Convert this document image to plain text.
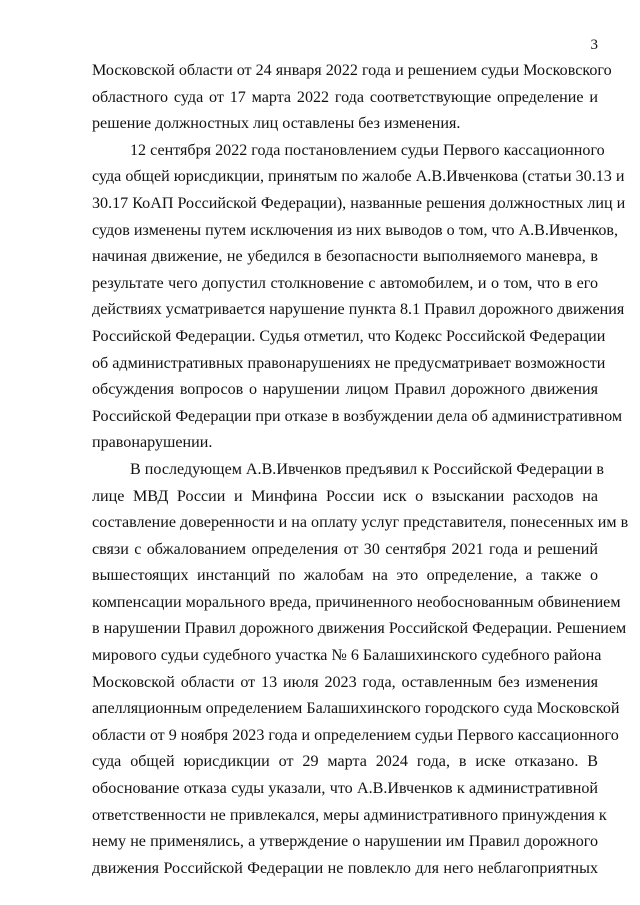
3
Московской области от 24 января 2022 года и решением судьи Московского
областного суда от 17 марта 2022 года соответствующие определение и
решение должностных лиц оставлены без изменения.
12 сентября 2022 года постановлением судьи Первого кассационного
суда общей юрисдикции, принятым по жалобе А.В.Ивченкова (статьи 30.13 и
30.17 КоАП Российской Федерации), названные решения должностных лиц и
судов изменены путем исключения из них выводов о том, что А.В.Ивченков,
начиная движение, не убедился в безопасности выполняемого маневра, в
результате чего допустил столкновение с автомобилем, и о том, что в его
действиях усматривается нарушение пункта 8.1 Правил дорожного движения
Российской Федерации. Судья отметил, что Кодекс Российской Федерации
об административных правонарушениях не предусматривает возможности
обсуждения вопросов о нарушении лицом Правил дорожного движения
Российской Федерации при отказе в возбуждении дела об административном
правонарушении.
В последующем А.В.Ивченков предъявил к Российской Федерации в
лице МВД России и Минфина России иск о взыскании расходов на
составление доверенности и на оплату услуг представителя, понесенных им в
связи с обжалованием определения от 30 сентября 2021 года и решений
вышестоящих инстанций по жалобам на это определение, а также о
компенсации морального вреда, причиненного необоснованным обвинением
в нарушении Правил дорожного движения Российской Федерации. Решением
мирового судьи судебного участка № 6 Балашихинского судебного района
Московской области от 13 июля 2023 года, оставленным без изменения
апелляционным определением Балашихинского городского суда Московской
области от 9 ноября 2023 года и определением судьи Первого кассационного
суда общей юрисдикции от 29 марта 2024 года, в иске отказано. В
обоснование отказа суды указали, что А.В.Ивченков к административной
ответственности не привлекался, меры административного принуждения к
нему не применялись, а утверждение о нарушении им Правил дорожного
движения Российской Федерации не повлекло для него неблагоприятных
